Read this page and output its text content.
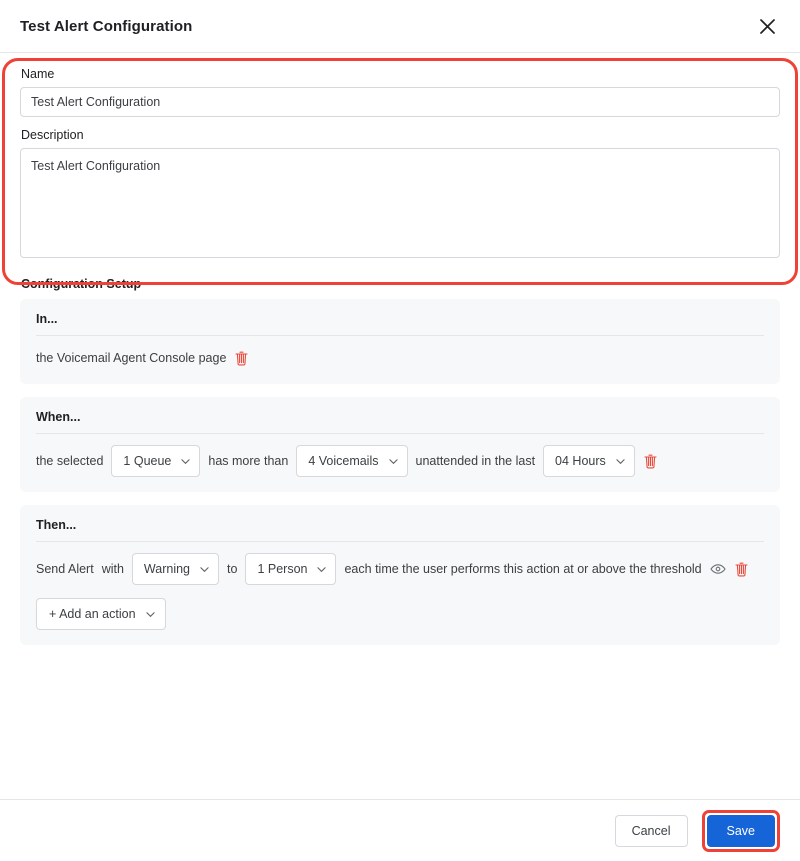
Test Alert Configuration
Name
Test Alert Configuration
Description
Test Alert Configuration
Configuration Setup
In...
the Voicemail Agent Console page
When...
the selected 1 Queue	has more than 4 Voicemails	unattended in the last 04 Hours
Then...
Send Alert with Warning	to 1 Person	each time the user performs this action at or above the threshold
+ Add an action
Cancel	Save
